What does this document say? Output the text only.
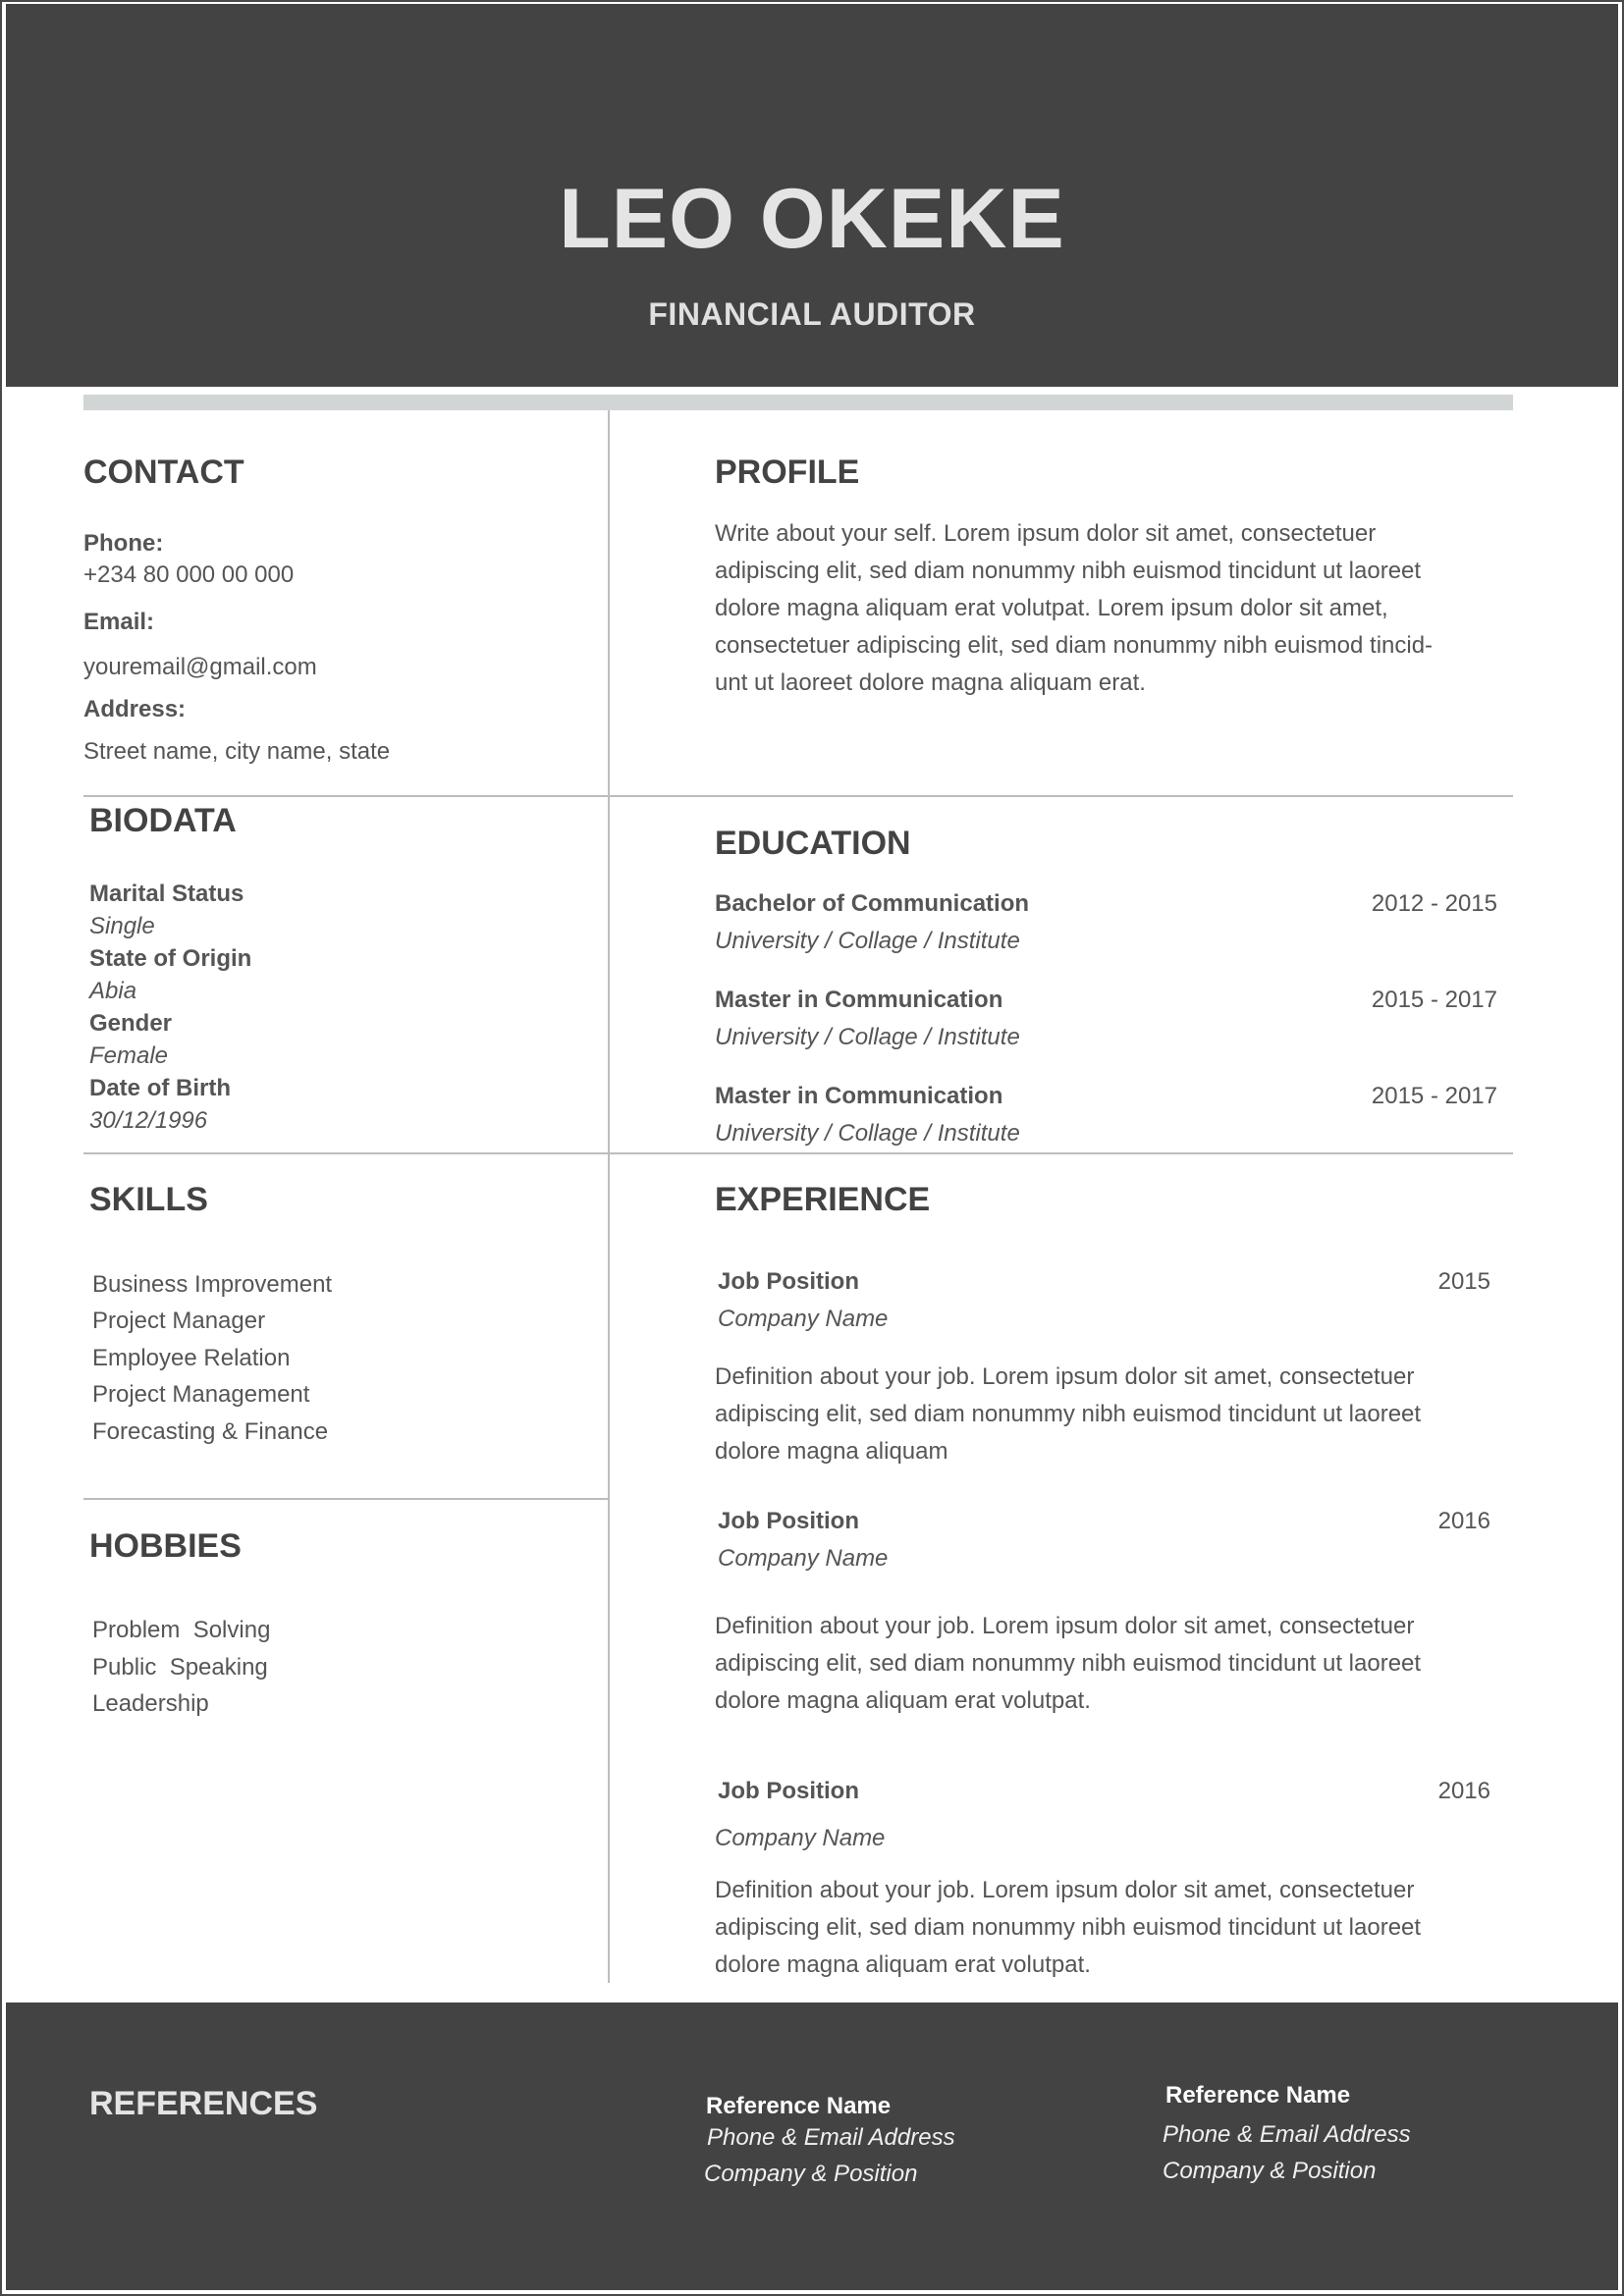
LEO OKEKE
FINANCIAL AUDITOR
CONTACT
Phone:
+234 80 000 00 000
Email:
youremail@gmail.com
Address:
Street name, city name, state
PROFILE
Write about your self. Lorem ipsum dolor sit amet, consectetuer
adipiscing elit, sed diam nonummy nibh euismod tincidunt ut laoreet
dolore magna aliquam erat volutpat. Lorem ipsum dolor sit amet,
consectetuer adipiscing elit, sed diam nonummy nibh euismod tincid-
unt ut laoreet dolore magna aliquam erat.
BIODATA
Marital Status
Single
State of Origin
Abia
Gender
Female
Date of Birth
30/12/1996
EDUCATION
Bachelor of Communication	2012 - 2015
University / Collage / Institute
Master in Communication	2015 - 2017
University / Collage / Institute
Master in Communication	2015 - 2017
University / Collage / Institute
SKILLS
Business Improvement
Project Manager
Employee Relation
Project Management
Forecasting & Finance
HOBBIES
Problem  Solving
Public  Speaking
Leadership
EXPERIENCE
Job Position	2015
Company Name
Definition about your job. Lorem ipsum dolor sit amet, consectetuer
adipiscing elit, sed diam nonummy nibh euismod tincidunt ut laoreet
dolore magna aliquam
Job Position	2016
Company Name
Definition about your job. Lorem ipsum dolor sit amet, consectetuer
adipiscing elit, sed diam nonummy nibh euismod tincidunt ut laoreet
dolore magna aliquam erat volutpat.
Job Position	2016
Company Name
Definition about your job. Lorem ipsum dolor sit amet, consectetuer
adipiscing elit, sed diam nonummy nibh euismod tincidunt ut laoreet
dolore magna aliquam erat volutpat.
REFERENCES	Reference Name
Phone & Email Address
Company & Position
Reference Name
Phone & Email Address
Company & Position
